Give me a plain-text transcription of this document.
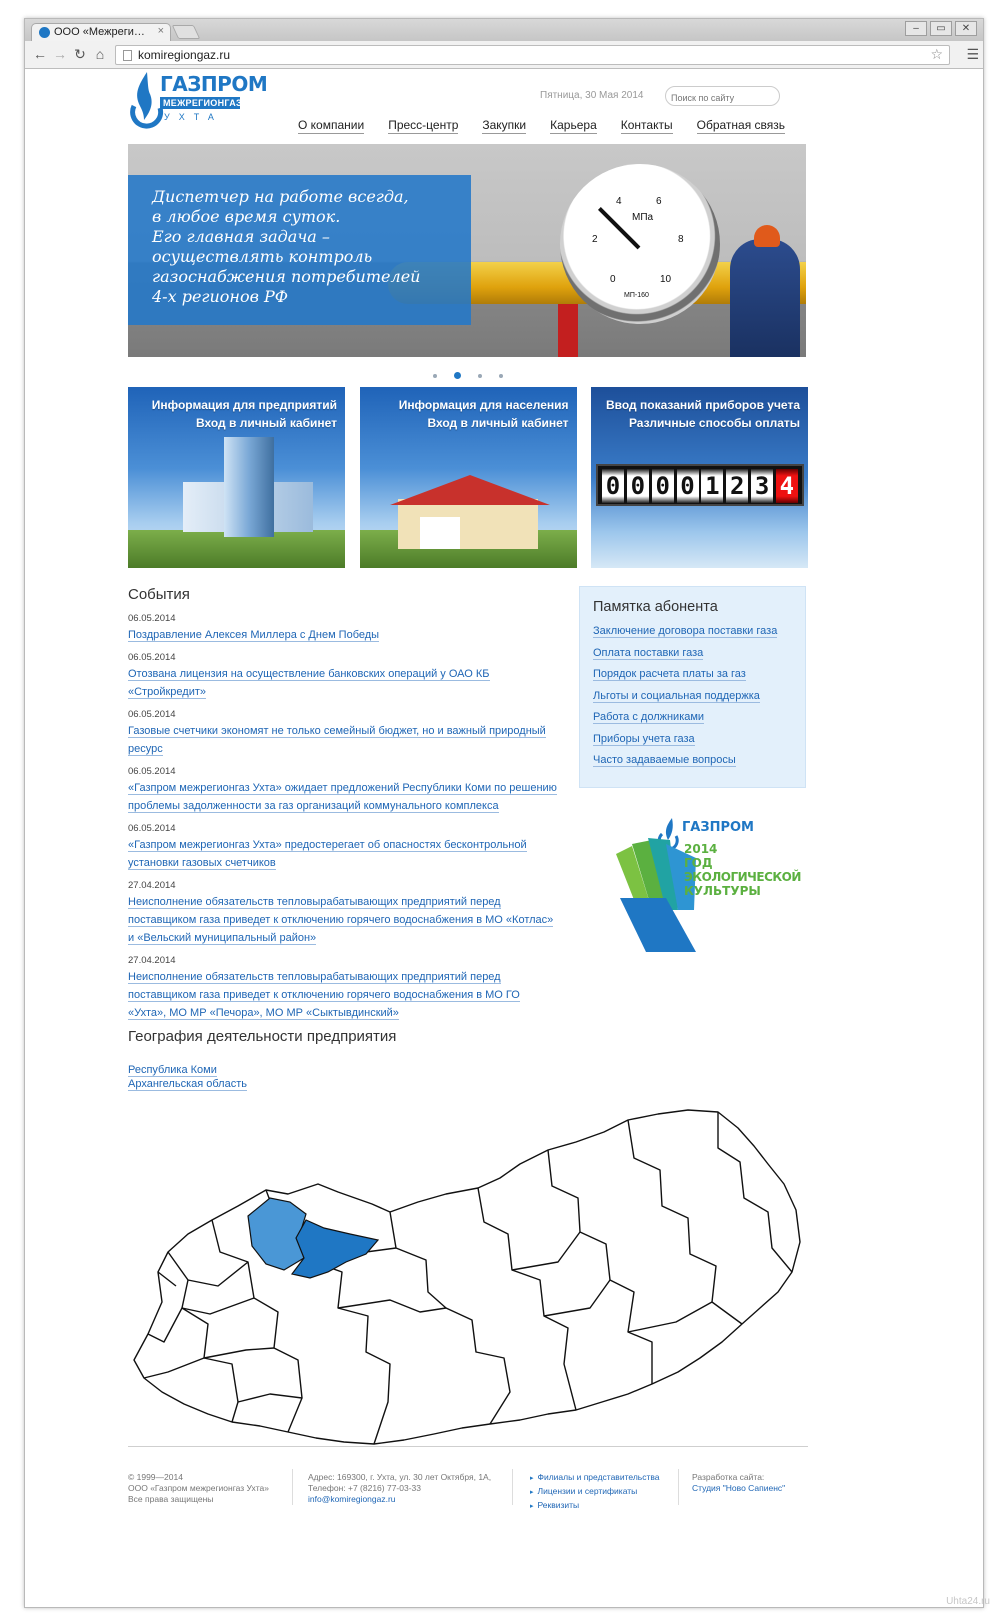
ООО «Межреги… ×	–	▭	✕
← → ↻ ⌂	komiregiongaz.ru	☆ ☰
ГАЗПРОМ
МЕЖРЕГИОНГАЗ
УХТА
Пятница, 30 Мая 2014
Поиск по сайту
О компании Пресс-центр Закупки Карьера Контакты Обратная связь
МПа
0
2
4	6
8
10
МП-160
Диспетчер на работе всегда,
в любое время суток.
Его главная задача –
осуществлять контроль
газоснабжения потребителей
4-х регионов РФ
Информация для предприятий
Вход в личный кабинет
Информация для населения
Вход в личный кабинет
Ввод показаний приборов учета
Различные способы оплаты
0 0 0 0 1 2 3 4
События
06.05.2014
Поздравление Алексея Миллера с Днем Победы
06.05.2014
Отозвана лицензия на осуществление банковских операций у ОАО КБ «Стройкредит»
06.05.2014
Газовые счетчики экономят не только семейный бюджет, но и важный природный ресурс
06.05.2014
«Газпром межрегионгаз Ухта» ожидает предложений Республики Коми по решению проблемы задолженности за газ организаций коммунального комплекса
06.05.2014
«Газпром межрегионгаз Ухта» предостерегает об опасностях бесконтрольной установки газовых счетчиков
27.04.2014
Неисполнение обязательств тепловырабатывающих предприятий перед поставщиком газа приведет к отключению горячего водоснабжения в МО «Котлас» и «Вельский муниципальный район»
27.04.2014
Неисполнение обязательств тепловырабатывающих предприятий перед поставщиком газа приведет к отключению горячего водоснабжения в МО ГО «Ухта», МО МР «Печора», МО МР «Сыктывдинский»
Памятка абонента
Заключение договора поставки газа
Оплата поставки газа
Порядок расчета платы за газ
Льготы и социальная поддержка
Работа с должниками
Приборы учета газа
Часто задаваемые вопросы
ГАЗПРОМ
2014
ГОД
ЭКОЛОГИЧЕСКОЙ
КУЛЬТУРЫ
География деятельности предприятия
Республика Коми
Архангельская область
© 1999—2014
ООО «Газпром межрегионгаз Ухта»
Все права защищены
Адрес: 169300, г. Ухта, ул. 30 лет Октября, 1А,
Телефон: +7 (8216) 77-03-33
info@komiregiongaz.ru
▸ Филиалы и представительства
▸ Лицензии и сертификаты
▸ Реквизиты
Разработка сайта:
Студия "Ново Сапиенс"
Uhta24.ru
